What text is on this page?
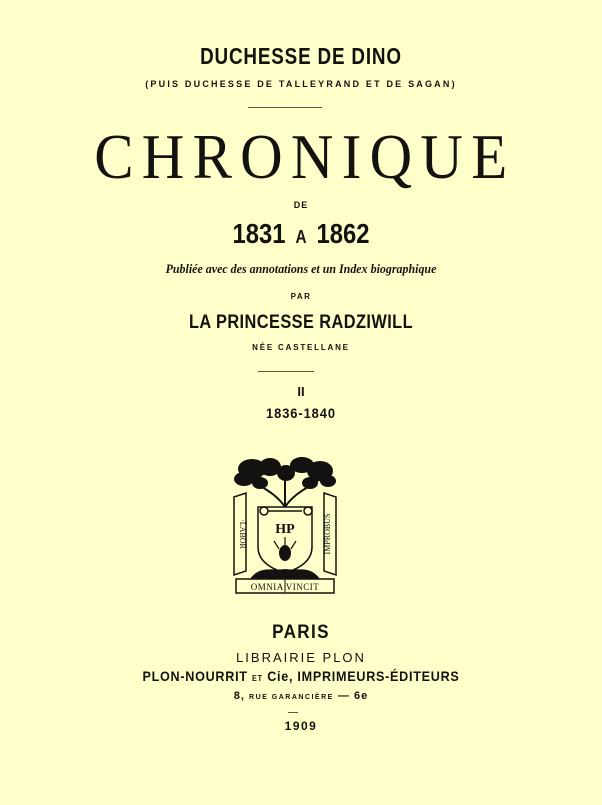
DUCHESSE DE DINO
(PUIS DUCHESSE DE TALLEYRAND ET DE SAGAN)
CHRONIQUE
DE
1831 A 1862
Publiée avec des annotations et un Index biographique
PAR
LA PRINCESSE RADZIWILL
NÉE CASTELLANE
II
1836-1840
HP
·LABOR	IMPROBUS
OMNIA VINCIT
PARIS
LIBRAIRIE PLON
PLON-NOURRIT ET Cie, IMPRIMEURS-ÉDITEURS
8, RUE GARANCIÈRE — 6e
1909
